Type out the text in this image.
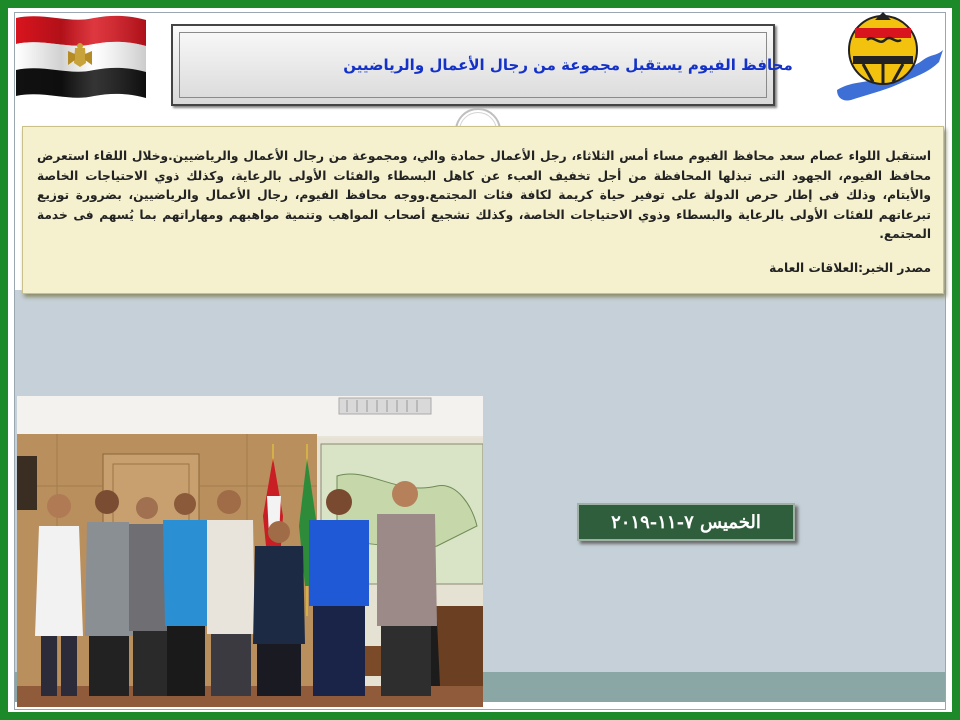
محافظ الفيوم يستقبل مجموعة من رجال الأعمال والرياضيين

استقبل اللواء عصام سعد محافظ الفيوم مساء أمس الثلاثاء، رجل الأعمال حمادة والي، ومجموعة من رجال الأعمال والرياضيين.وخلال اللقاء استعرض محافظ الفيوم، الجهود التى تبذلها المحافظة من أجل تخفيف العبء عن كاهل البسطاء والفئات الأولى بالرعاية، وكذلك ذوي الاحتياجات الخاصة والأيتام، وذلك فى إطار حرص الدولة على توفير حياة كريمة لكافة فئات المجتمع.ووجه محافظ الفيوم، رجال الأعمال والرياضيين، بضرورة توزيع تبرعاتهم للفئات الأولى بالرعاية والبسطاء وذوي الاحتياجات الخاصة، وكذلك تشجيع أصحاب المواهب وتنمية مواهبهم ومهاراتهم بما يُسهم فى خدمة المجتمع.

مصدر الخبر:العلاقات العامة
الخميس ٧-١١-٢٠١٩
